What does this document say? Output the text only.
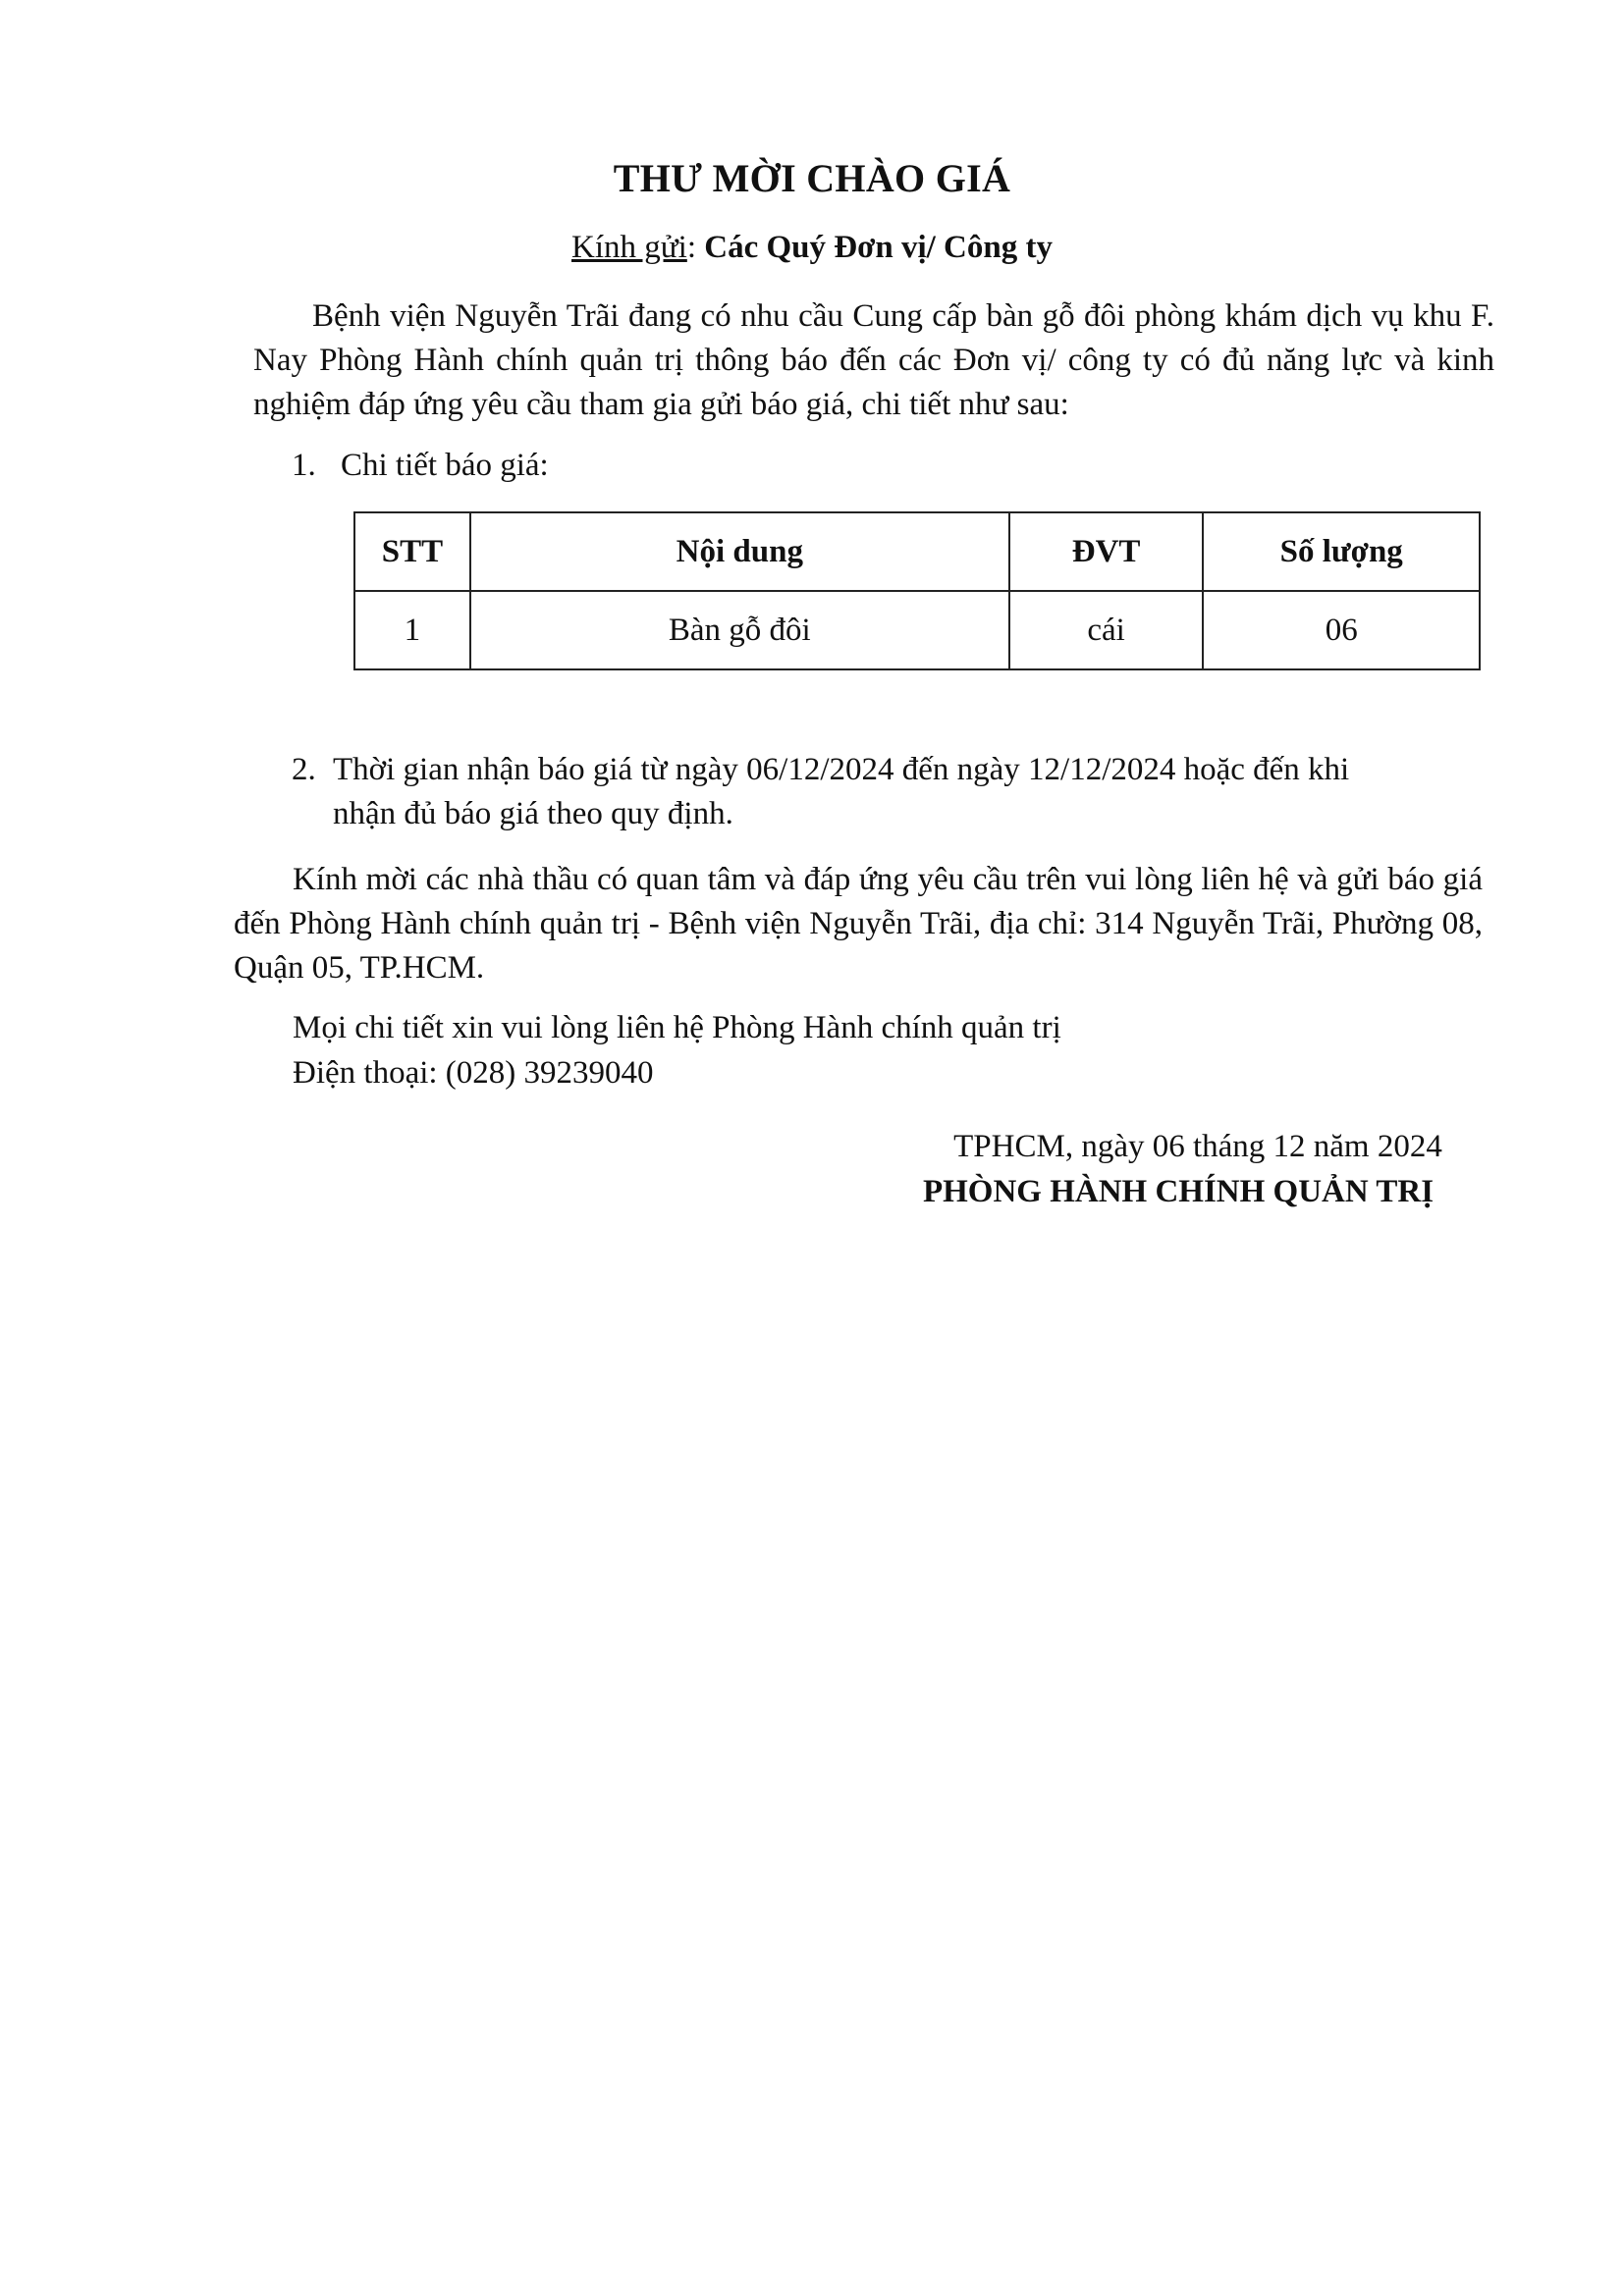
THƯ MỜI CHÀO GIÁ
Kính gửi: Các Quý Đơn vị/ Công ty
Bệnh viện Nguyễn Trãi đang có nhu cầu Cung cấp bàn gỗ đôi phòng khám dịch vụ khu F. Nay Phòng Hành chính quản trị thông báo đến các Đơn vị/ công ty có đủ năng lực và kinh nghiệm đáp ứng yêu cầu tham gia gửi báo giá, chi tiết như sau:
1. Chi tiết báo giá:
STT	Nội dung	ĐVT	Số lượng
1	Bàn gỗ đôi	cái	06
2. Thời gian nhận báo giá từ ngày 06/12/2024 đến ngày 12/12/2024 hoặc đến khi
nhận đủ báo giá theo quy định.
Kính mời các nhà thầu có quan tâm và đáp ứng yêu cầu trên vui lòng liên hệ và gửi báo giá đến Phòng Hành chính quản trị - Bệnh viện Nguyễn Trãi, địa chỉ: 314 Nguyễn Trãi, Phường 08, Quận 05, TP.HCM.
Mọi chi tiết xin vui lòng liên hệ Phòng Hành chính quản trị
Điện thoại: (028) 39239040
TPHCM, ngày 06 tháng 12 năm 2024
PHÒNG HÀNH CHÍNH QUẢN TRỊ
